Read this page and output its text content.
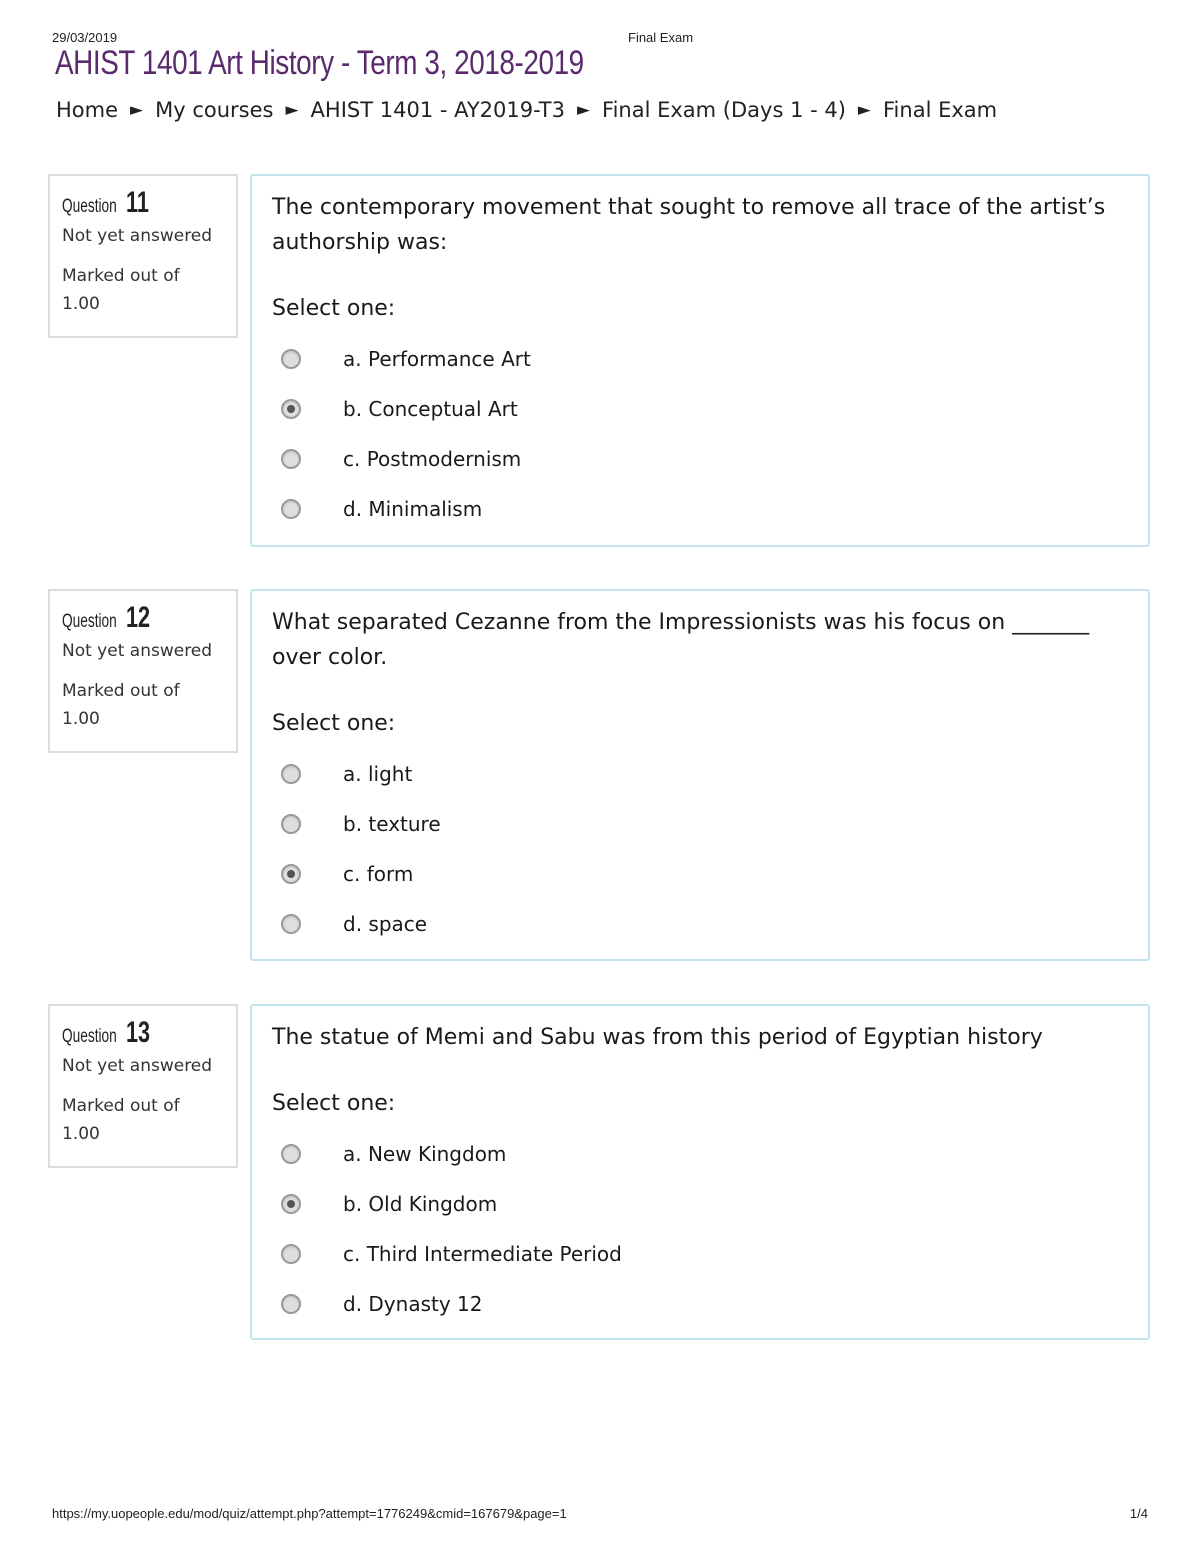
29/03/2019	Final Exam
AHIST 1401 Art History - Term 3, 2018-2019
Home ► My courses ► AHIST 1401 - AY2019-T3 ► Final Exam (Days 1 - 4) ► Final Exam
Question 11
Not yet answered
Marked out of
1.00

The contemporary movement that sought to remove all trace of the artist’s authorship was:

Select one:
a. Performance Art
b. Conceptual Art
c. Postmodernism
d. Minimalism
Question 12
Not yet answered
Marked out of
1.00

What separated Cezanne from the Impressionists was his focus on _______ over color.

Select one:
a. light
b. texture
c. form
d. space
Question 13
Not yet answered
Marked out of
1.00

The statue of Memi and Sabu was from this period of Egyptian history

Select one:
a. New Kingdom
b. Old Kingdom
c. Third Intermediate Period
d. Dynasty 12
https://my.uopeople.edu/mod/quiz/attempt.php?attempt=1776249&cmid=167679&page=1	1/4
